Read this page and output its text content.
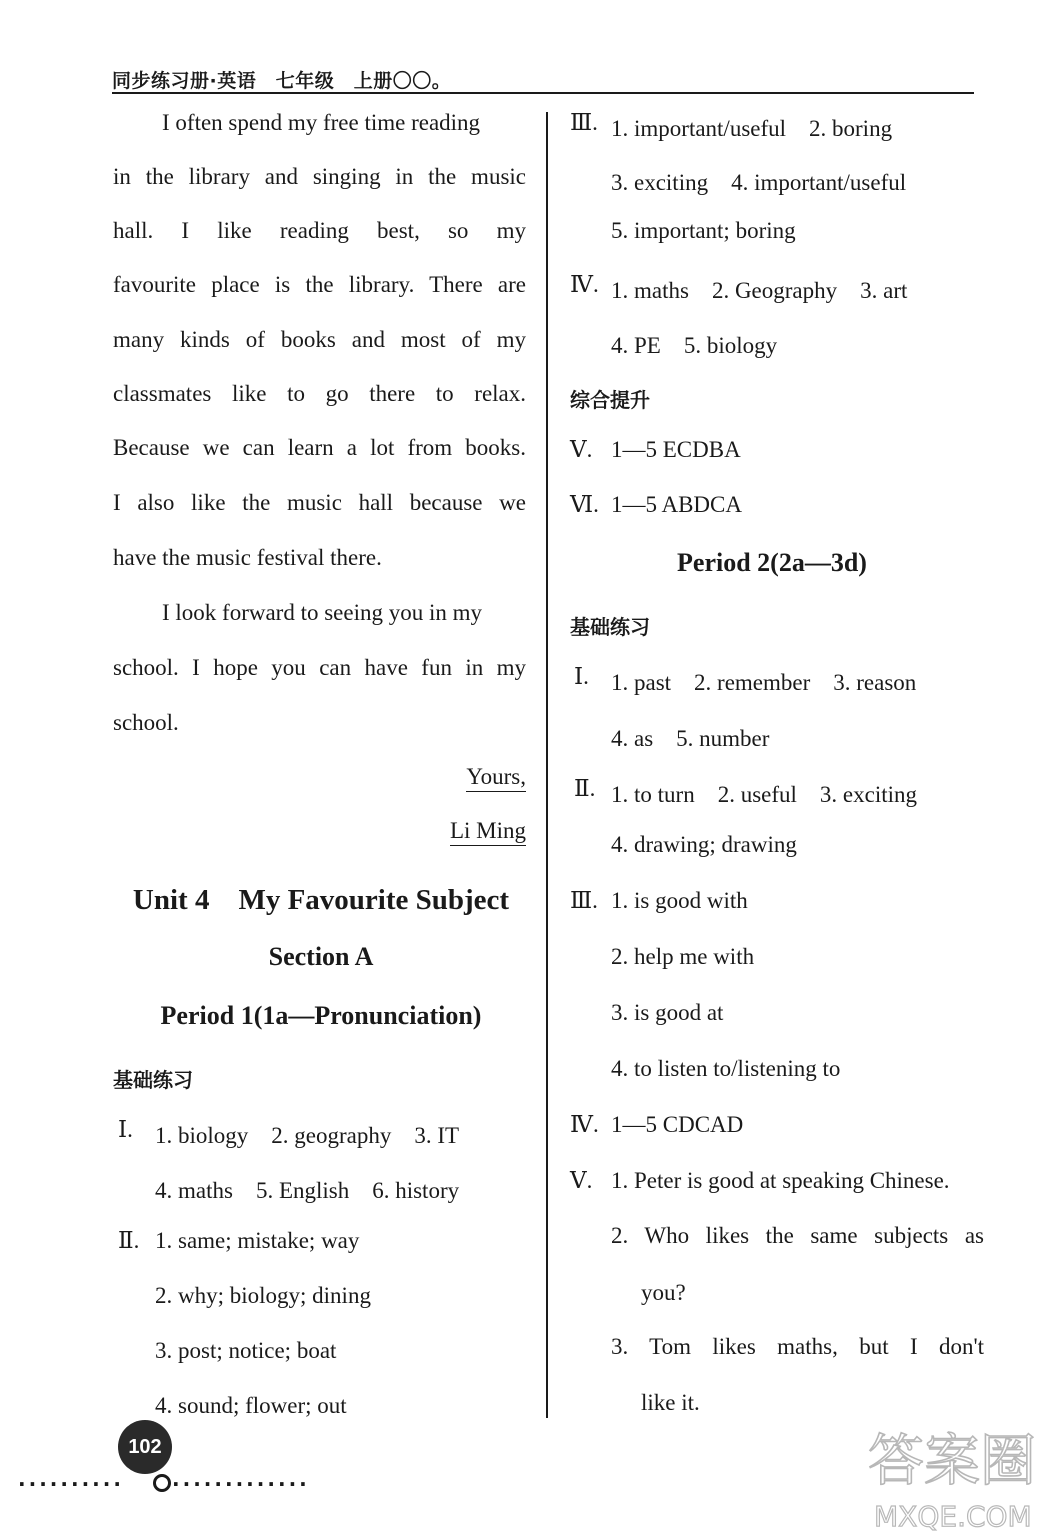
同步练习册·英语　七年级　上册〇〇。
I often spend my free time reading
in the library and singing in the music
hall. I like reading best, so my
favourite place is the library. There are
many kinds of books and most of my
classmates like to go there to relax.
Because we can learn a lot from books.
I also like the music hall because we
have the music festival there.
I look forward to seeing you in my
school. I hope you can have fun in my
school.
Yours,
Li Ming
Unit 4　My Favourite Subject
Section A
Period 1(1a—Pronunciation)
基础练习
Ⅰ. 1. biology　2. geography　3. IT
4. maths　5. English　6. history
Ⅱ. 1. same; mistake; way
2. why; biology; dining
3. post; notice; boat
4. sound; flower; out
Ⅲ. 1. important/useful　2. boring
3. exciting　4. important/useful
5. important; boring
Ⅳ. 1. maths　2. Geography　3. art
4. PE　5. biology
综合提升
Ⅴ. 1—5 ECDBA
Ⅵ. 1—5 ABDCA
Period 2(2a—3d)
基础练习
Ⅰ. 1. past　2. remember　3. reason
4. as　5. number
Ⅱ. 1. to turn　2. useful　3. exciting
4. drawing; drawing
Ⅲ. 1. is good with
2. help me with
3. is good at
4. to listen to/listening to
Ⅳ. 1—5 CDCAD
Ⅴ. 1. Peter is good at speaking Chinese.
2. Who likes the same subjects as
you?
3. Tom likes maths, but I don't
like it.
··········
102
·············	答案圈
MXQE.COM
